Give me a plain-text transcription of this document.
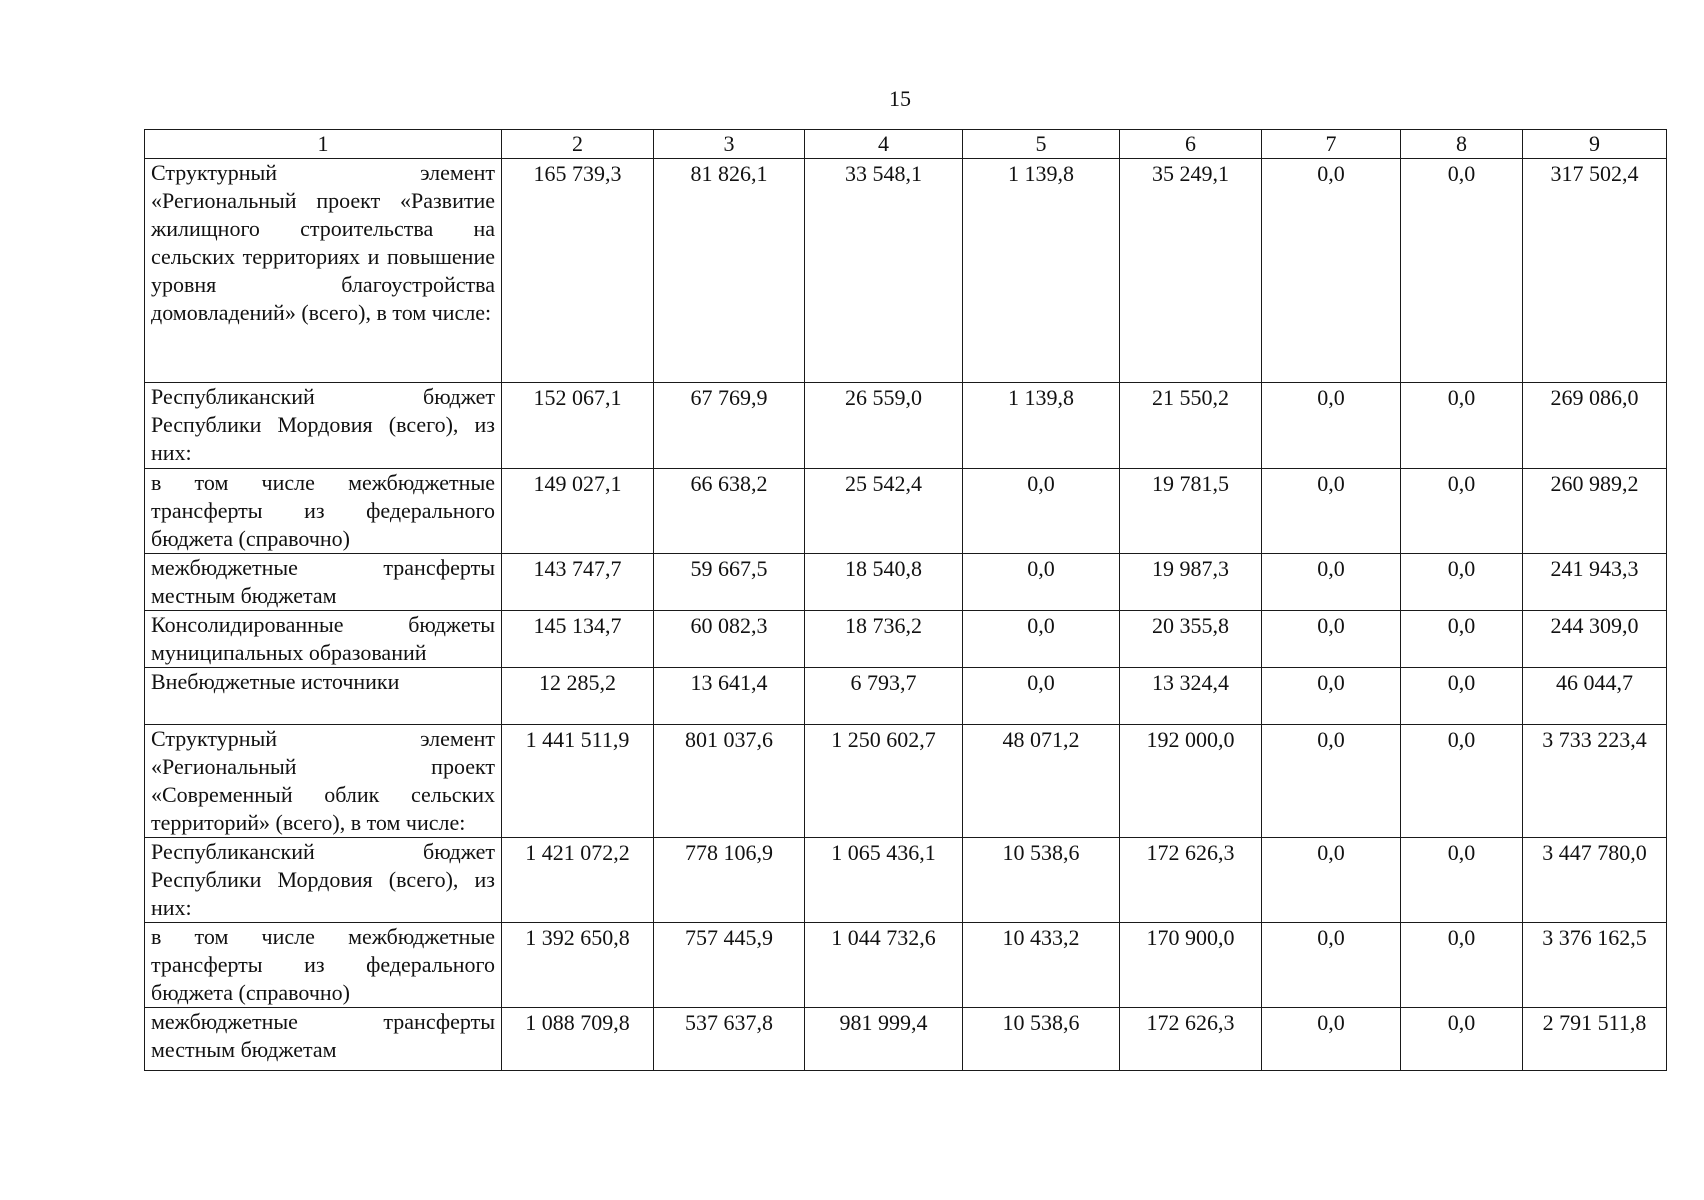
15
1	2	3	4	5	6	7	8	9
Структурный элемент «Региональный проект «Развитие жилищного строительства на сельских территориях и повышение уровня благоустройства домовладений» (всего), в том числе:	165 739,3	81 826,1	33 548,1	1 139,8	35 249,1	0,0	0,0	317 502,4
Республиканский бюджет Республики Мордовия (всего), из них:	152 067,1	67 769,9	26 559,0	1 139,8	21 550,2	0,0	0,0	269 086,0
в том числе межбюджетные трансферты из федерального бюджета (справочно)	149 027,1	66 638,2	25 542,4	0,0	19 781,5	0,0	0,0	260 989,2
межбюджетные трансферты местным бюджетам	143 747,7	59 667,5	18 540,8	0,0	19 987,3	0,0	0,0	241 943,3
Консолидированные бюджеты муниципальных образований	145 134,7	60 082,3	18 736,2	0,0	20 355,8	0,0	0,0	244 309,0
Внебюджетные источники	12 285,2	13 641,4	6 793,7	0,0	13 324,4	0,0	0,0	46 044,7
Структурный элемент «Региональный проект «Современный облик сельских территорий» (всего), в том числе:	1 441 511,9	801 037,6	1 250 602,7	48 071,2	192 000,0	0,0	0,0	3 733 223,4
Республиканский бюджет Республики Мордовия (всего), из них:	1 421 072,2	778 106,9	1 065 436,1	10 538,6	172 626,3	0,0	0,0	3 447 780,0
в том числе межбюджетные трансферты из федерального бюджета (справочно)	1 392 650,8	757 445,9	1 044 732,6	10 433,2	170 900,0	0,0	0,0	3 376 162,5
межбюджетные трансферты местным бюджетам	1 088 709,8	537 637,8	981 999,4	10 538,6	172 626,3	0,0	0,0	2 791 511,8
